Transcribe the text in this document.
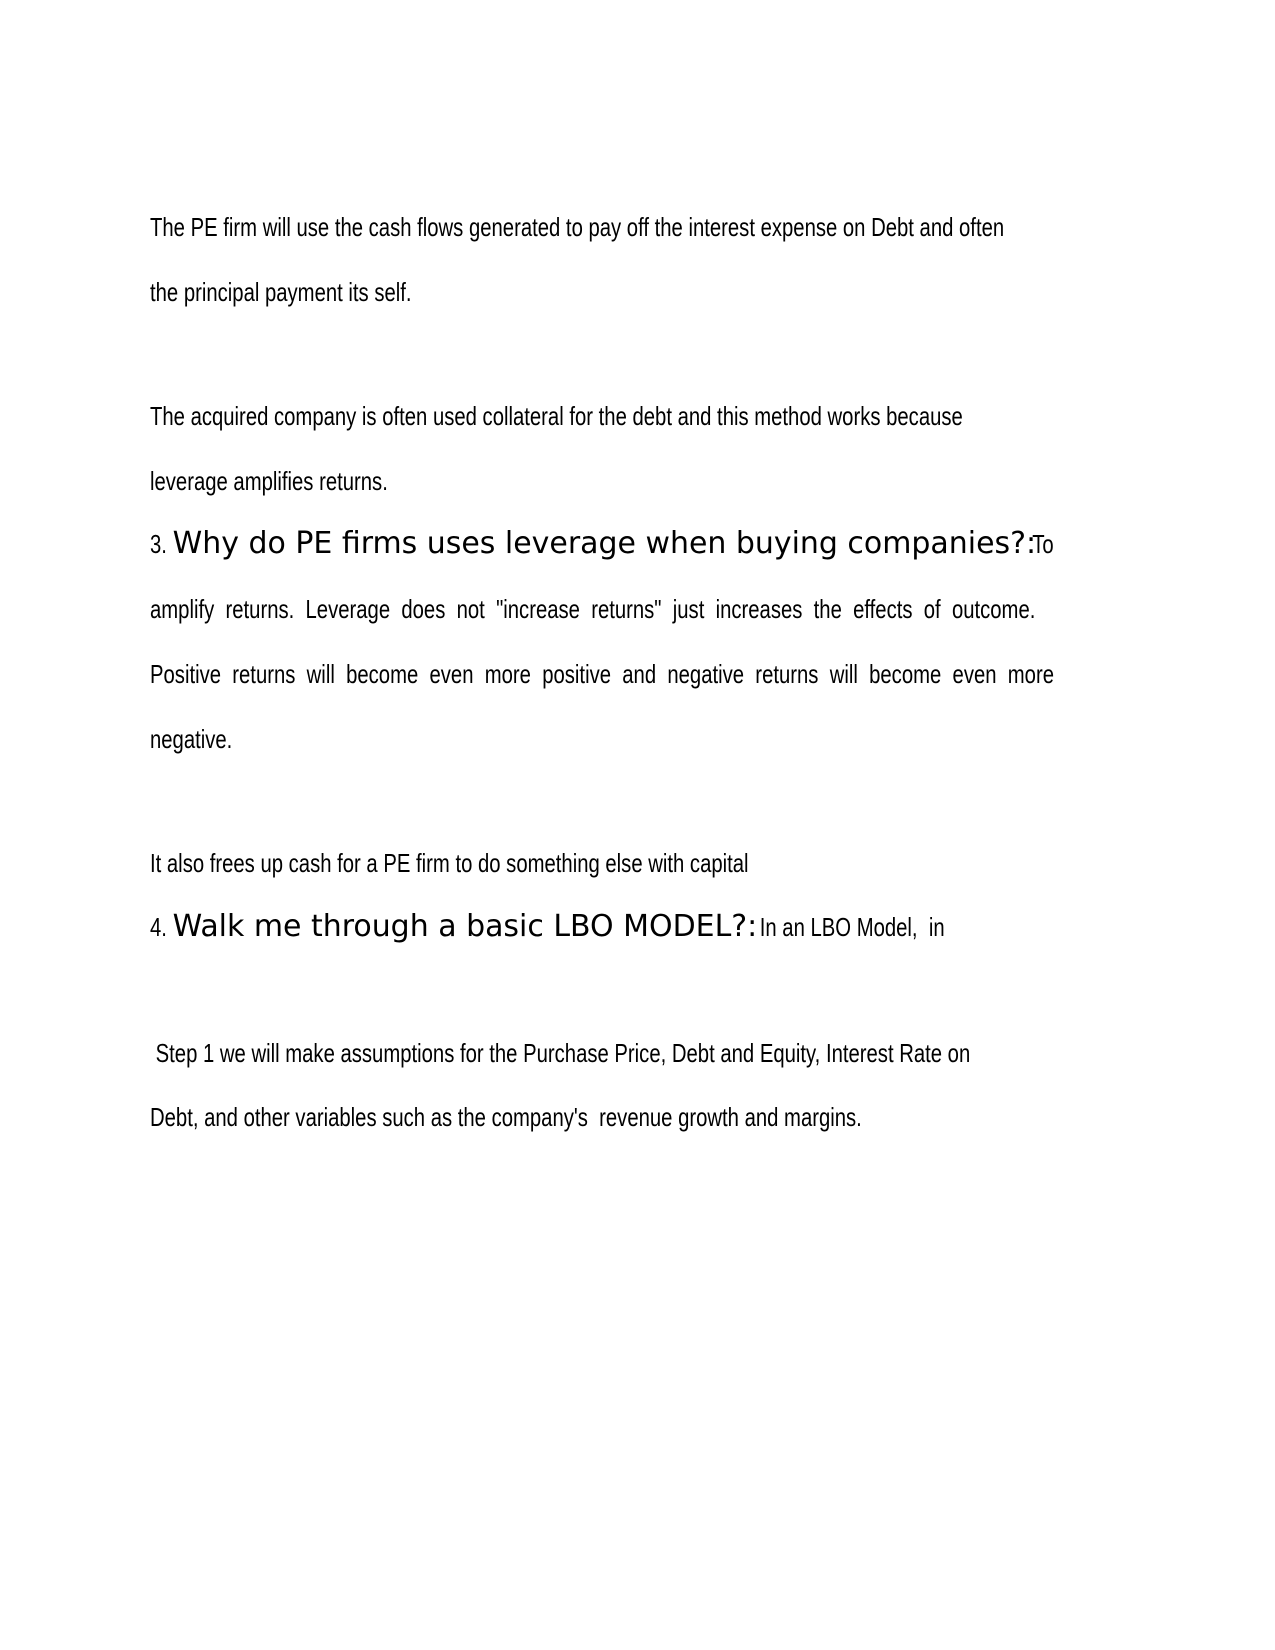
The PE firm will use the cash flows generated to pay off the interest expense on Debt and often
the principal payment its self.
The acquired company is often used collateral for the debt and this method works because
leverage amplifies returns.
3. Why do PE firms uses leverage when buying companies?: To
amplify  returns.  Leverage  does  not  "increase  returns"  just  increases  the  effects  of  outcome.
Positive  returns  will  become  even  more  positive  and  negative  returns  will  become  even  more
negative.
It also frees up cash for a PE firm to do something else with capital
4. Walk me through a basic LBO MODEL?: In an LBO Model,  in
Step 1 we will make assumptions for the Purchase Price, Debt and Equity, Interest Rate on
Debt, and other variables such as the company's  revenue growth and margins.
